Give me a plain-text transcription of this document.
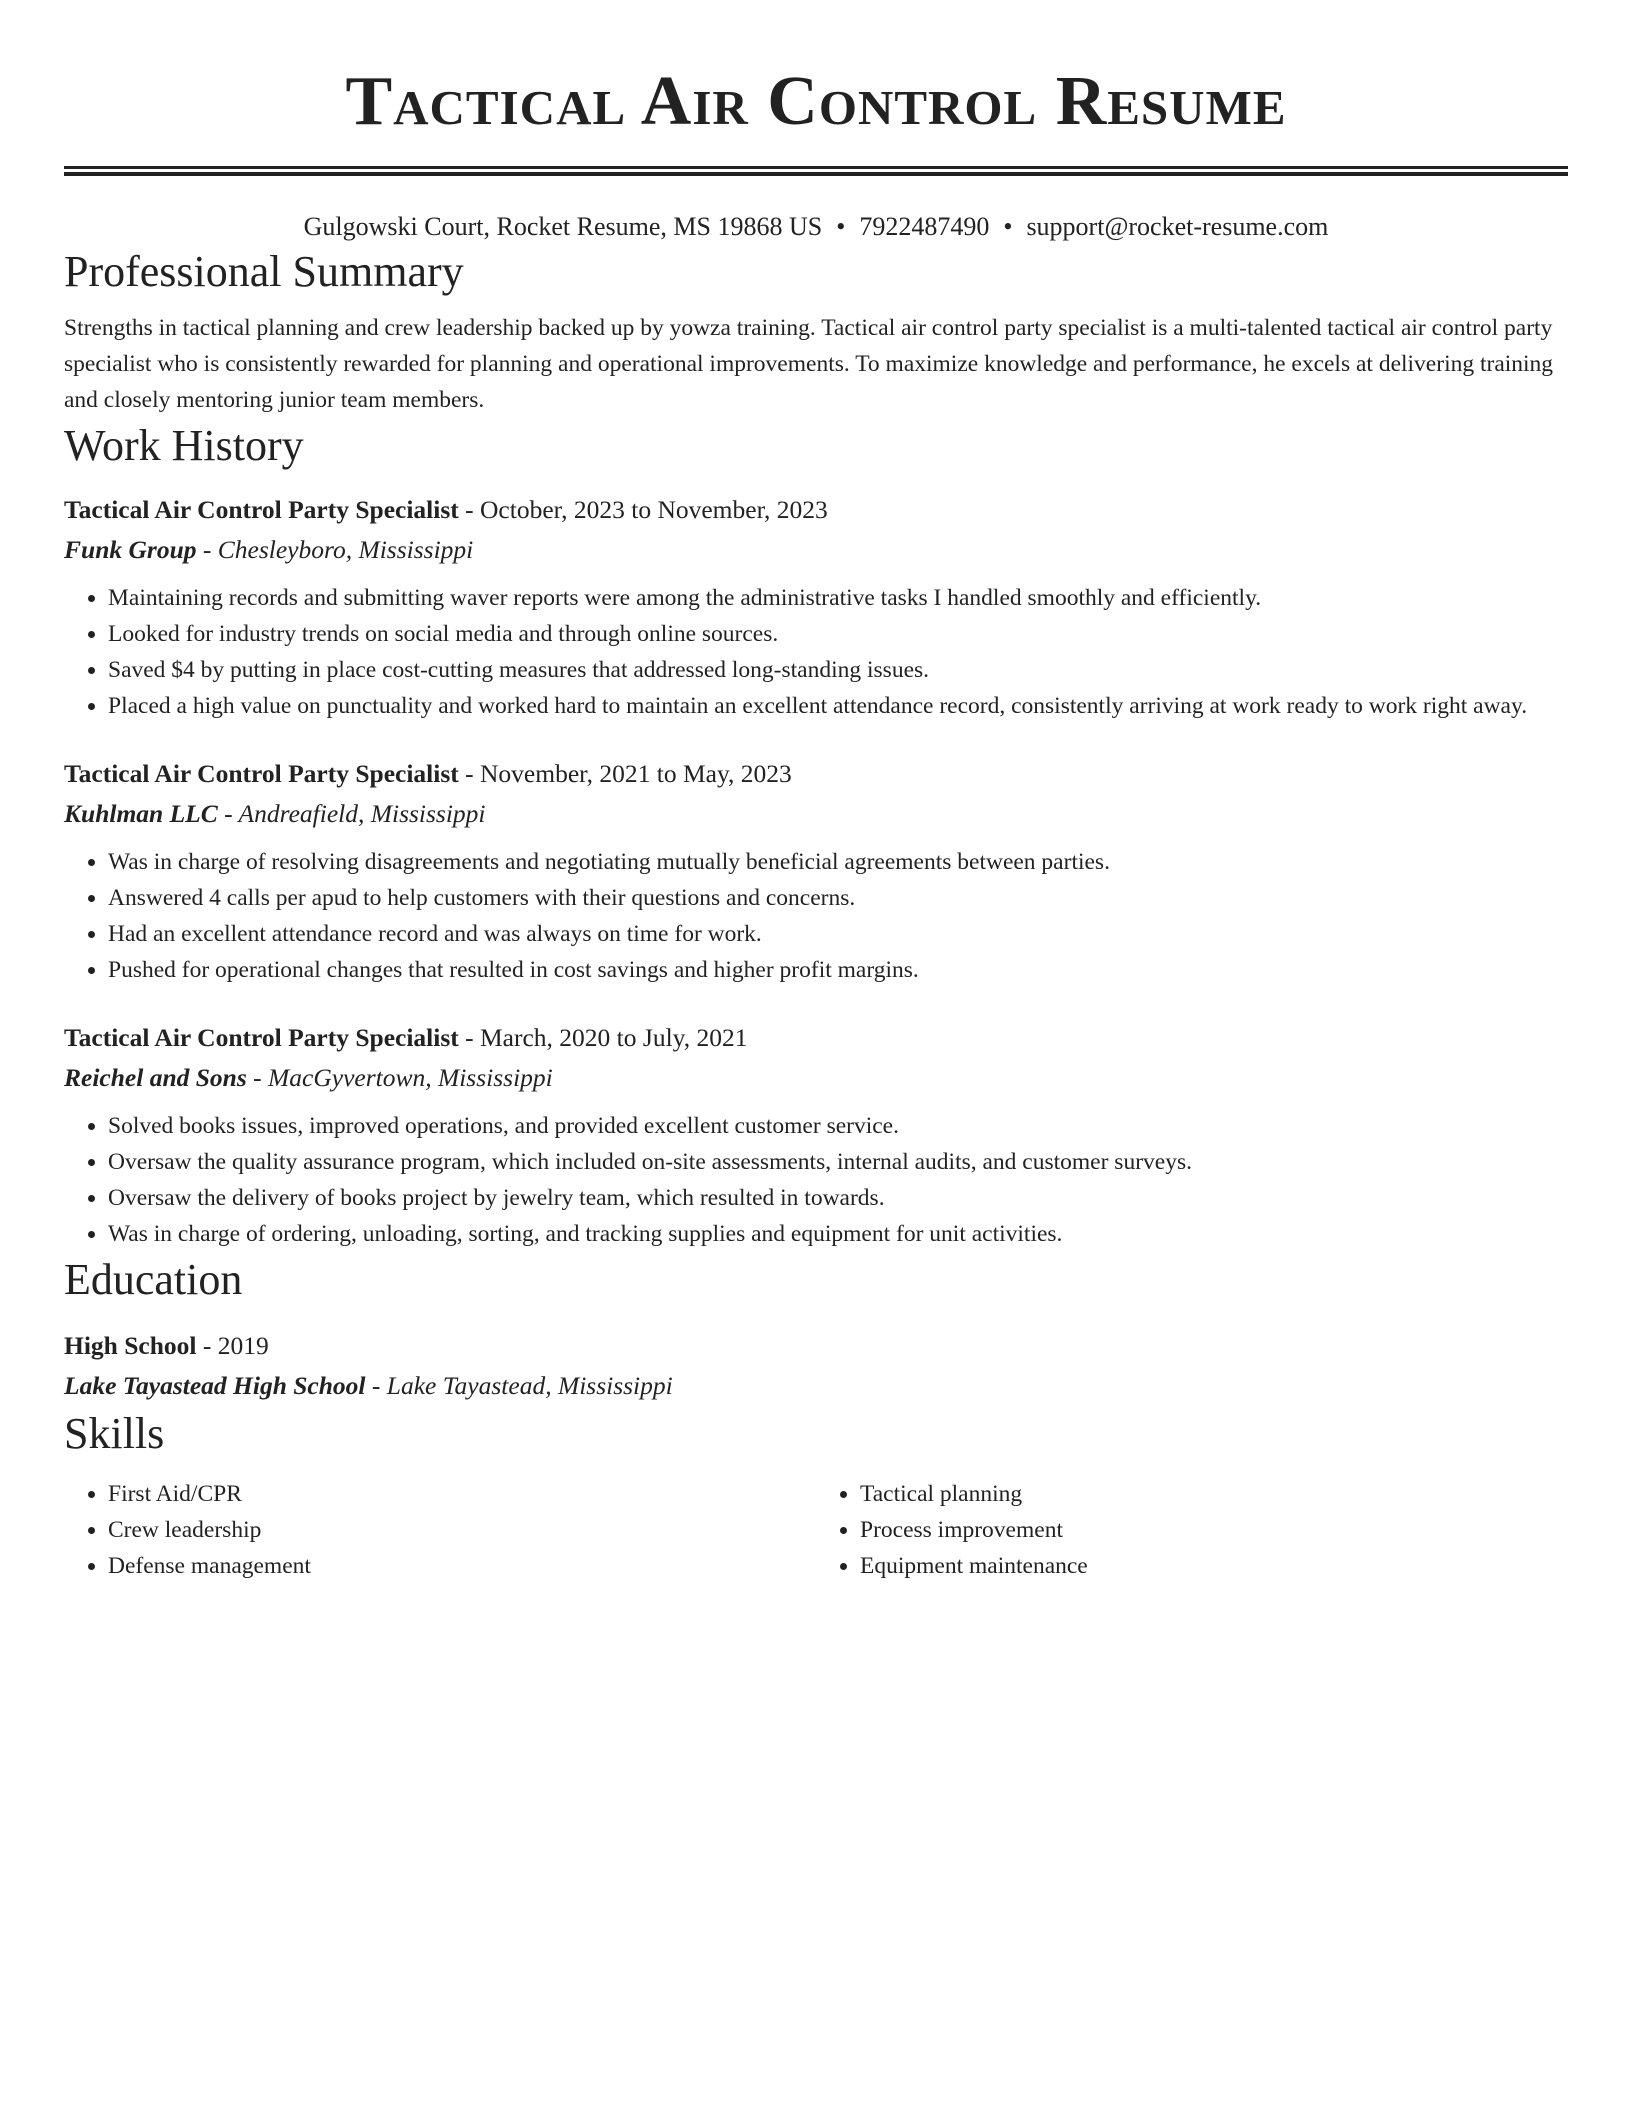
Tactical Air Control Resume
Gulgowski Court, Rocket Resume, MS 19868 US • 7922487490 • support@rocket-resume.com
Professional Summary

Strengths in tactical planning and crew leadership backed up by yowza training. Tactical air control party specialist is a multi-talented tactical air control party specialist who is consistently rewarded for planning and operational improvements. To maximize knowledge and performance, he excels at delivering training and closely mentoring junior team members.

Work History
Tactical Air Control Party Specialist - October, 2023 to November, 2023
Funk Group - Chesleyboro, Mississippi
• Maintaining records and submitting waver reports were among the administrative tasks I handled smoothly and efficiently.
• Looked for industry trends on social media and through online sources.
• Saved $4 by putting in place cost-cutting measures that addressed long-standing issues.
• Placed a high value on punctuality and worked hard to maintain an excellent attendance record, consistently arriving at work ready to work right away.
Tactical Air Control Party Specialist - November, 2021 to May, 2023
Kuhlman LLC - Andreafield, Mississippi
• Was in charge of resolving disagreements and negotiating mutually beneficial agreements between parties.
• Answered 4 calls per apud to help customers with their questions and concerns.
• Had an excellent attendance record and was always on time for work.
• Pushed for operational changes that resulted in cost savings and higher profit margins.
Tactical Air Control Party Specialist - March, 2020 to July, 2021
Reichel and Sons - MacGyvertown, Mississippi
• Solved books issues, improved operations, and provided excellent customer service.
• Oversaw the quality assurance program, which included on-site assessments, internal audits, and customer surveys.
• Oversaw the delivery of books project by jewelry team, which resulted in towards.
• Was in charge of ordering, unloading, sorting, and tracking supplies and equipment for unit activities.
Education
High School - 2019
Lake Tayastead High School - Lake Tayastead, Mississippi
Skills
• First Aid/CPR
• Crew leadership
• Defense management
• Tactical planning
• Process improvement
• Equipment maintenance
